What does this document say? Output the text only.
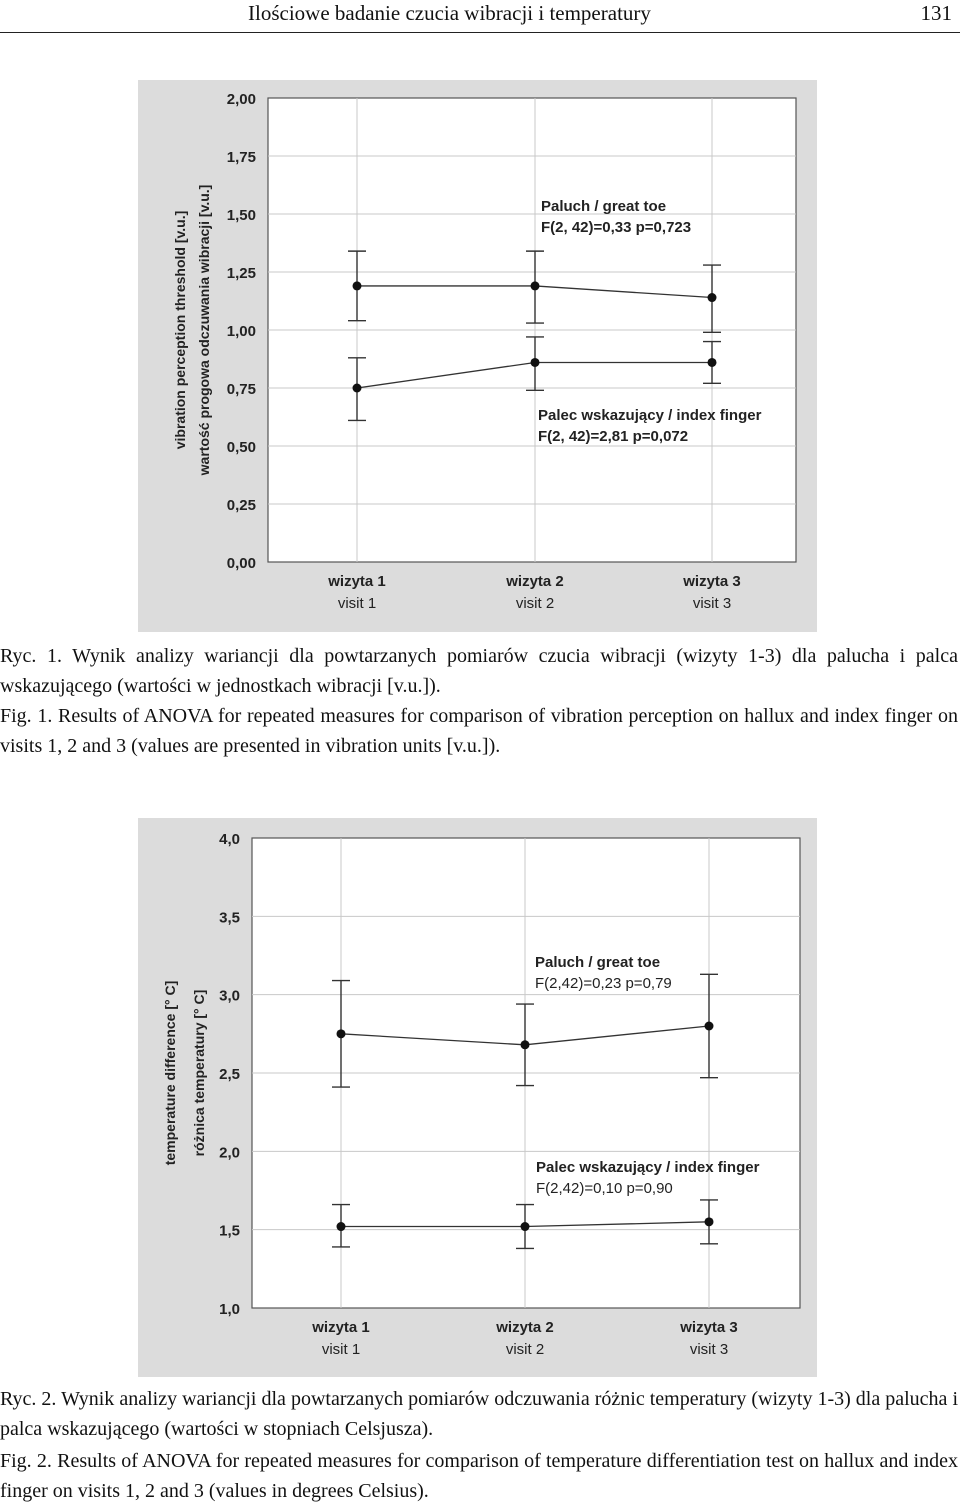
Ilościowe badanie czucia wibracji i temperatury	131
0,00
0,25
0,50
0,75
1,00
1,25
1,50
1,75
2,00
wizyta 1
visit 1
wizyta 2
visit 2
wizyta 3
visit 3
vibration perception threshold [v.u.] wartość progowa odczuwania wibracji [v.u.]	Paluch / great toe
F(2, 42)=0,33 p=0,723
Palec wskazujący / index finger
F(2, 42)=2,81 p=0,072
Ryc. 1. Wynik analizy wariancji dla powtarzanych pomiarów czucia wibracji (wizyty 1-3) dla palucha i palca wskazującego (wartości w jednostkach wibracji [v.u.]).
Fig. 1. Results of ANOVA for repeated measures for comparison of vibration perception on hallux and index finger on visits 1, 2 and 3 (values are presented in vibration units [v.u.]).
1,0
1,5
2,0
2,5
3,0
3,5
4,0
wizyta 1
visit 1
wizyta 2
visit 2
wizyta 3
visit 3
temperature difference [° C] różnica temperatury [° C]
Paluch / great toe
F(2,42)=0,23 p=0,79
Palec wskazujący / index finger
F(2,42)=0,10 p=0,90
Ryc. 2. Wynik analizy wariancji dla powtarzanych pomiarów odczuwania różnic temperatury (wizyty 1-3) dla palucha i palca wskazującego (wartości w stopniach Celsjusza).
Fig. 2. Results of ANOVA for repeated measures for comparison of temperature differentiation test on hallux and index finger on visits 1, 2 and 3 (values in degrees Celsius).
